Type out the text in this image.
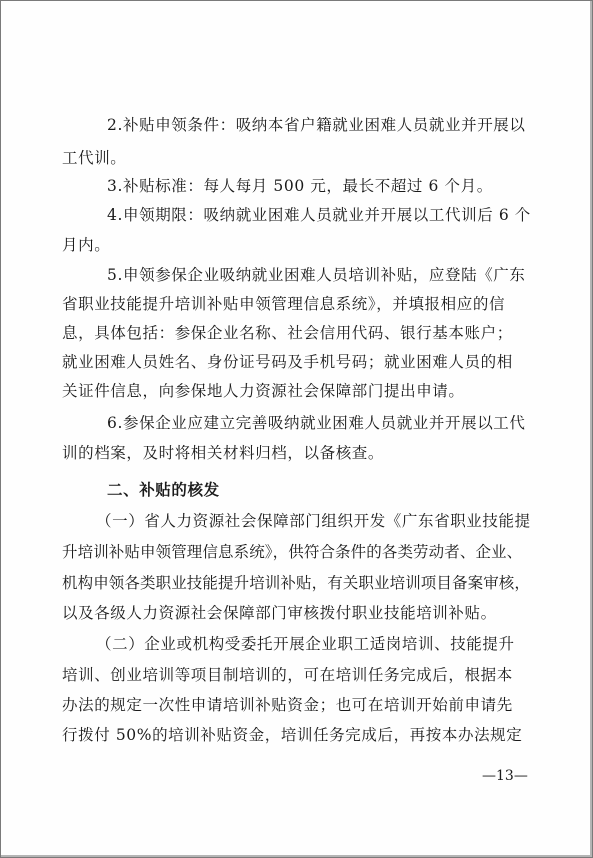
2.补贴申领条件：吸纳本省户籍就业困难人员就业并开展以
工代训。
3.补贴标准：每人每月 500 元，最长不超过 6 个月。
4.申领期限：吸纳就业困难人员就业并开展以工代训后 6 个
月内。
5.申领参保企业吸纳就业困难人员培训补贴，应登陆《广东
省职业技能提升培训补贴申领管理信息系统》，并填报相应的信
息，具体包括：参保企业名称、社会信用代码、银行基本账户；
就业困难人员姓名、身份证号码及手机号码；就业困难人员的相
关证件信息，向参保地人力资源社会保障部门提出申请。
6.参保企业应建立完善吸纳就业困难人员就业并开展以工代
训的档案，及时将相关材料归档，以备核查。
二、补贴的核发
（一）省人力资源社会保障部门组织开发《广东省职业技能提
升培训补贴申领管理信息系统》，供符合条件的各类劳动者、企业、
机构申领各类职业技能提升培训补贴，有关职业培训项目备案审核，
以及各级人力资源社会保障部门审核拨付职业技能培训补贴。
（二）企业或机构受委托开展企业职工适岗培训、技能提升
培训、创业培训等项目制培训的，可在培训任务完成后，根据本
办法的规定一次性申请培训补贴资金；也可在培训开始前申请先
行拨付 50%的培训补贴资金，培训任务完成后，再按本办法规定
—13—
